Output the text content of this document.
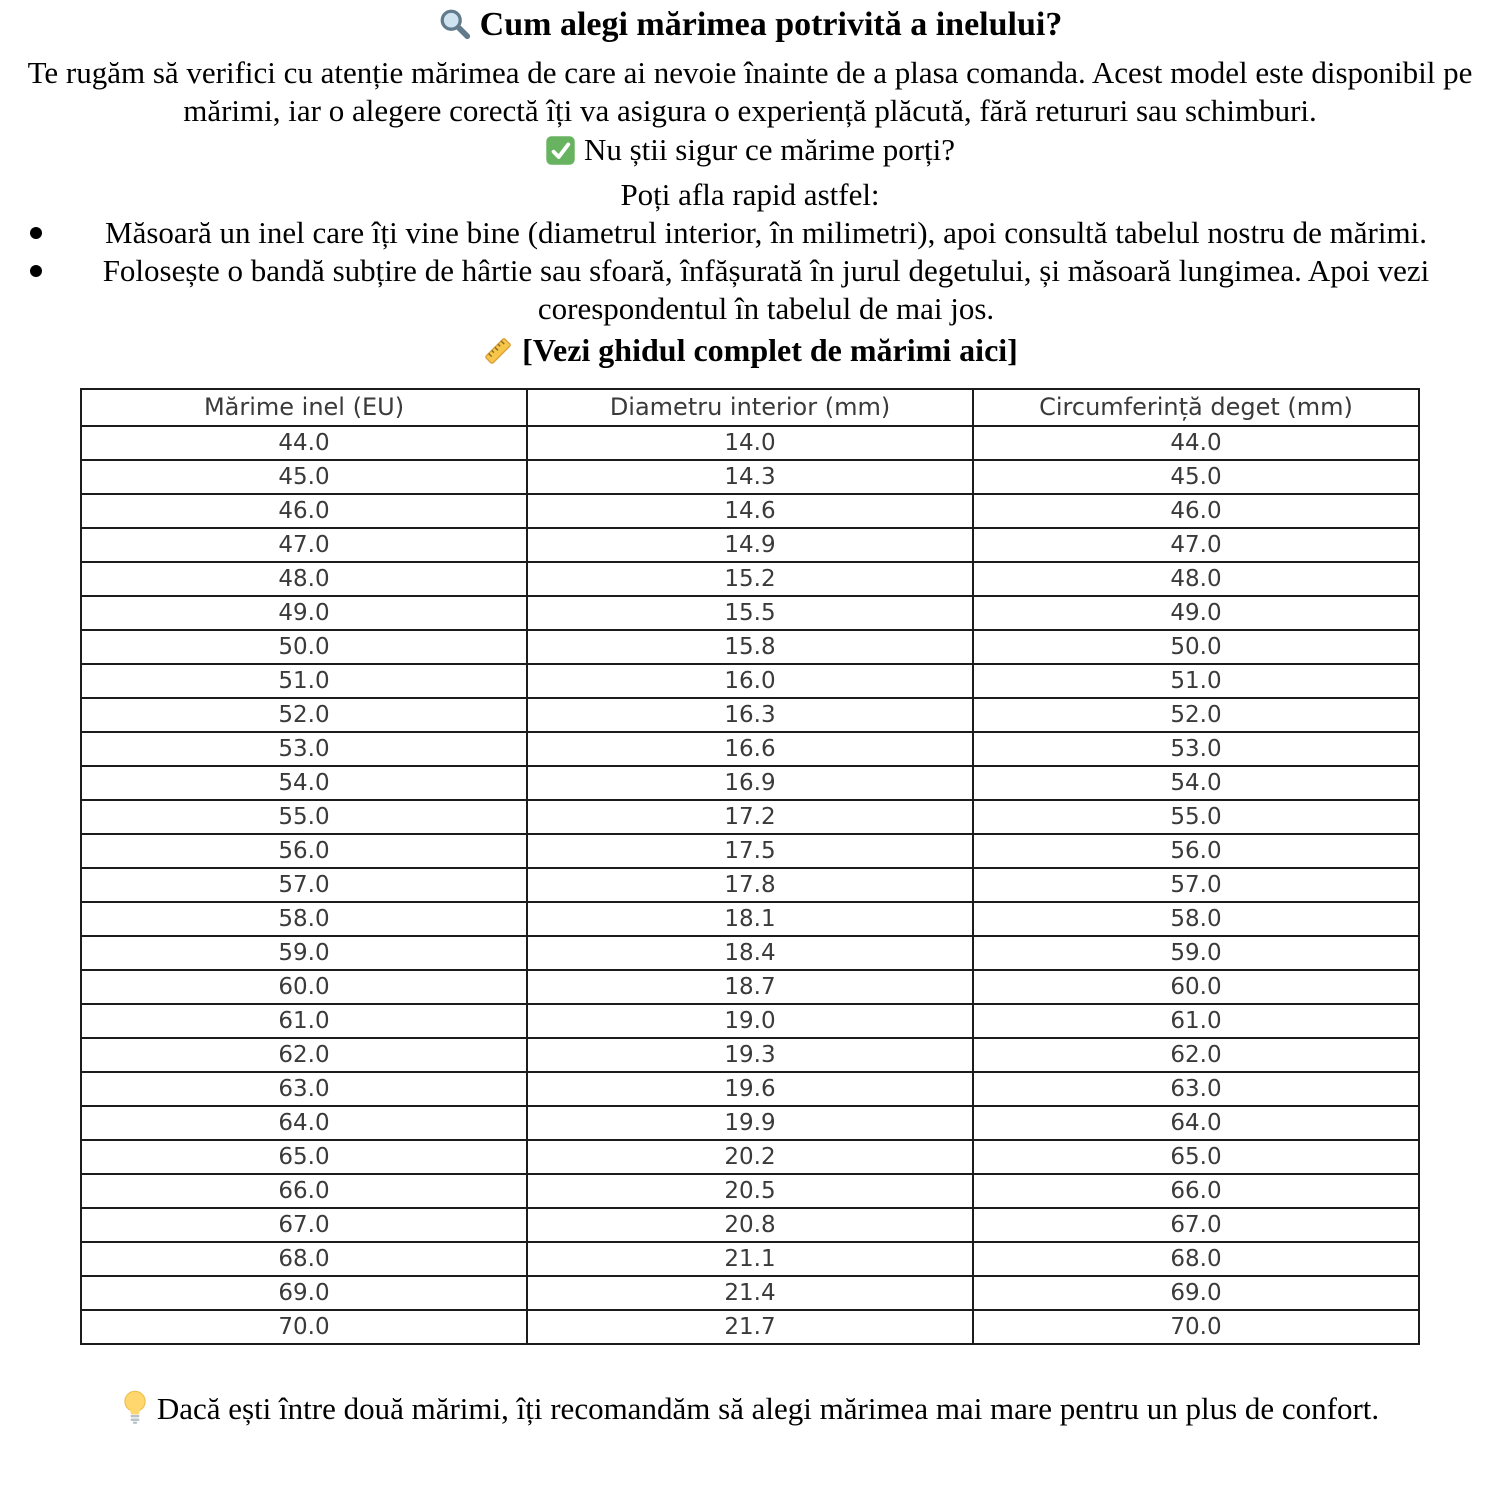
Cum alegi mărimea potrivită a inelului?

Te rugăm să verifici cu atenție mărimea de care ai nevoie înainte de a plasa comanda. Acest model este disponibil pe mărimi, iar o alegere corectă îți va asigura o experiență plăcută, fără retururi sau schimburi.

Nu știi sigur ce mărime porți?
Poți afla rapid astfel:
Măsoară un inel care îți vine bine (diametrul interior, în milimetri), apoi consultă tabelul nostru de mărimi.
Folosește o bandă subțire de hârtie sau sfoară, înfășurată în jurul degetului, și măsoară lungimea. Apoi vezi corespondentul în tabelul de mai jos.
[Vezi ghidul complet de mărimi aici]
Mărime inel (EU)	Diametru interior (mm)	Circumferință deget (mm)
44.0	14.0	44.0
45.0	14.3	45.0
46.0	14.6	46.0
47.0	14.9	47.0
48.0	15.2	48.0
49.0	15.5	49.0
50.0	15.8	50.0
51.0	16.0	51.0
52.0	16.3	52.0
53.0	16.6	53.0
54.0	16.9	54.0
55.0	17.2	55.0
56.0	17.5	56.0
57.0	17.8	57.0
58.0	18.1	58.0
59.0	18.4	59.0
60.0	18.7	60.0
61.0	19.0	61.0
62.0	19.3	62.0
63.0	19.6	63.0
64.0	19.9	64.0
65.0	20.2	65.0
66.0	20.5	66.0
67.0	20.8	67.0
68.0	21.1	68.0
69.0	21.4	69.0
70.0	21.7	70.0
Dacă ești între două mărimi, îți recomandăm să alegi mărimea mai mare pentru un plus de confort.
